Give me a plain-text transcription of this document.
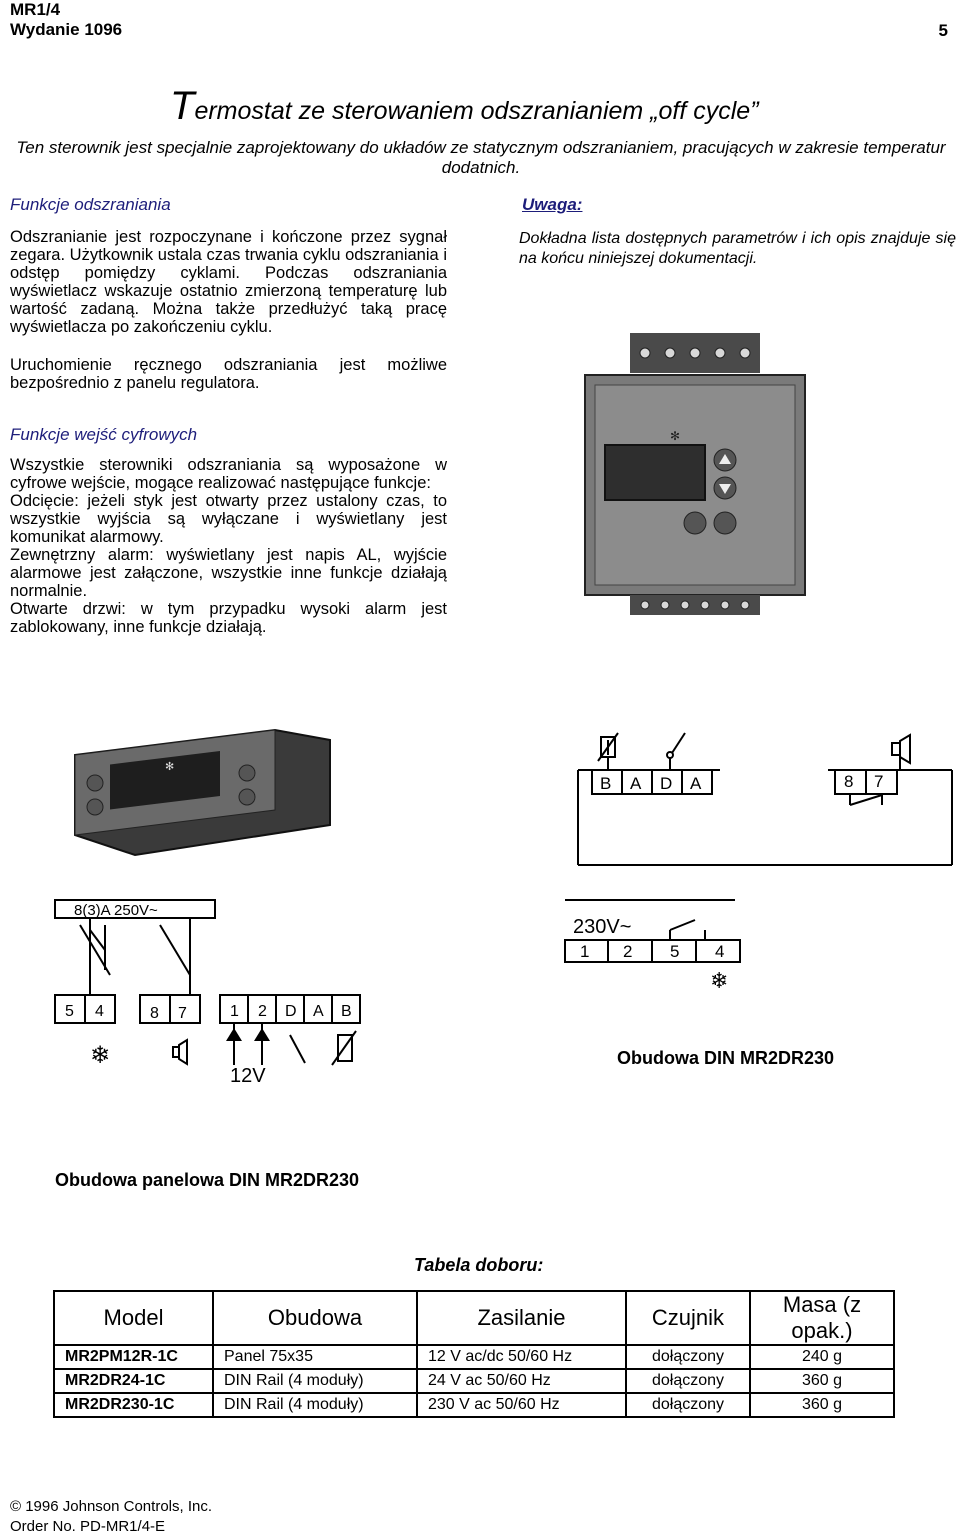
MR1/4
Wydanie 1096	5
Termostat ze sterowaniem odszranianiem „off cycle”
Ten sterownik jest specjalnie zaprojektowany do układów ze statycznym odszranianiem, pracujących w zakresie temperatur dodatnich.
Funkcje odszraniania

Odszranianie jest rozpoczynane i kończone przez sygnał zegara. Użytkownik ustala czas trwania cyklu odszraniania i odstęp pomiędzy cyklami. Podczas odszraniania wyświetlacz wskazuje ostatnio zmierzoną temperaturę lub wartość zadaną. Można także przedłużyć taką pracę wyświetlacza po zakończeniu cyklu.

Uruchomienie ręcznego odszraniania jest możliwe bezpośrednio z panelu regulatora.

Funkcje wejść cyfrowych

Wszystkie sterowniki odszraniania są wyposażone w cyfrowe wejście, mogące realizować następujące funkcje:

Odcięcie: jeżeli styk jest otwarty przez ustalony czas, to wszystkie wyjścia są wyłączane i wyświetlany jest komunikat alarmowy.

Zewnętrzny alarm: wyświetlany jest napis AL, wyjście alarmowe jest załączone, wszystkie inne funkcje działają normalnie.

Otwarte drzwi: w tym przypadku wysoki alarm jest zablokowany, inne funkcje działają.

Uwaga:
Dokładna lista dostępnych parametrów i ich opis znajduje się na końcu niniejszej dokumentacji.
✻
✻
B A D A	8 7
230V~
1 2 5 4
❄
8(3)A 250V~
5 4	8 7	1 2 D A B
12V
❄	Obudowa DIN MR2DR230
Obudowa panelowa DIN MR2DR230
Tabela doboru:
Model	Obudowa	Zasilanie	Czujnik	Masa (z opak.)
MR2PM12R-1C	Panel 75x35	12 V ac/dc 50/60 Hz	dołączony	240 g
MR2DR24-1C	DIN Rail (4 moduły)	24 V ac 50/60 Hz	dołączony	360 g
MR2DR230-1C	DIN Rail (4 moduły)	230 V ac 50/60 Hz	dołączony	360 g
© 1996 Johnson Controls, Inc.
Order No. PD-MR1/4-E
